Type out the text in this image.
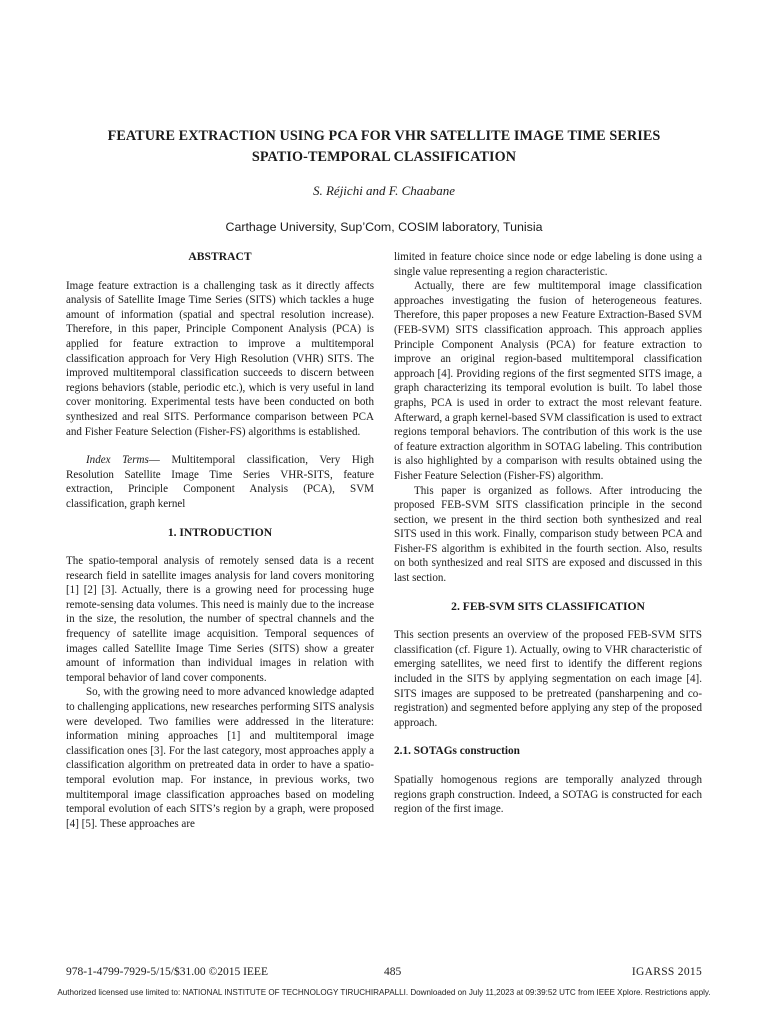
FEATURE EXTRACTION USING PCA FOR VHR SATELLITE IMAGE TIME SERIES
SPATIO-TEMPORAL CLASSIFICATION
S. Réjichi and F. Chaabane
Carthage University, Sup’Com, COSIM laboratory, Tunisia
ABSTRACT

Image feature extraction is a challenging task as it directly affects analysis of Satellite Image Time Series (SITS) which tackles a huge amount of information (spatial and spectral resolution increase). Therefore, in this paper, Principle Component Analysis (PCA) is applied for feature extraction to improve a multitemporal classification approach for Very High Resolution (VHR) SITS. The improved multitemporal classification succeeds to discern between regions behaviors (stable, periodic etc.), which is very useful in land cover monitoring. Experimental tests have been conducted on both synthesized and real SITS. Performance comparison between PCA and Fisher Feature Selection (Fisher-FS) algorithms is established.

Index Terms— Multitemporal classification, Very High Resolution Satellite Image Time Series VHR-SITS, feature extraction, Principle Component Analysis (PCA), SVM classification, graph kernel

1. INTRODUCTION

The spatio-temporal analysis of remotely sensed data is a recent research field in satellite images analysis for land covers monitoring [1] [2] [3]. Actually, there is a growing need for processing huge remote-sensing data volumes. This need is mainly due to the increase in the size, the resolution, the number of spectral channels and the frequency of satellite image acquisition. Temporal sequences of images called Satellite Image Time Series (SITS) show a greater amount of information than individual images in relation with temporal behavior of land cover components.

So, with the growing need to more advanced knowledge adapted to challenging applications, new researches performing SITS analysis were developed. Two families were addressed in the literature: information mining approaches [1] and multitemporal image classification ones [3]. For the last category, most approaches apply a classification algorithm on pretreated data in order to have a spatio-temporal evolution map. For instance, in previous works, two multitemporal image classification approaches based on modeling temporal evolution of each SITS’s region by a graph, were proposed [4] [5]. These approaches are

limited in feature choice since node or edge labeling is done using a single value representing a region characteristic.

Actually, there are few multitemporal image classification approaches investigating the fusion of heterogeneous features. Therefore, this paper proposes a new Feature Extraction-Based SVM (FEB-SVM) SITS classification approach. This approach applies Principle Component Analysis (PCA) for feature extraction to improve an original region-based multitemporal classification approach [4]. Providing regions of the first segmented SITS image, a graph characterizing its temporal evolution is built. To label those graphs, PCA is used in order to extract the most relevant feature. Afterward, a graph kernel-based SVM classification is used to extract regions temporal behaviors. The contribution of this work is the use of feature extraction algorithm in SOTAG labeling. This contribution is also highlighted by a comparison with results obtained using the Fisher Feature Selection (Fisher-FS) algorithm.

This paper is organized as follows. After introducing the proposed FEB-SVM SITS classification principle in the second section, we present in the third section both synthesized and real SITS used in this work. Finally, comparison study between PCA and Fisher-FS algorithm is exhibited in the fourth section. Also, results on both synthesized and real SITS are exposed and discussed in this last section.

2. FEB-SVM SITS CLASSIFICATION

This section presents an overview of the proposed FEB-SVM SITS classification (cf. Figure 1). Actually, owing to VHR characteristic of emerging satellites, we need first to identify the different regions included in the SITS by applying segmentation on each image [4]. SITS images are supposed to be pretreated (pansharpening and co-registration) and segmented before applying any step of the proposed approach.

2.1. SOTAGs construction

Spatially homogenous regions are temporally analyzed through regions graph construction. Indeed, a SOTAG is constructed for each region of the first image.

978-1-4799-7929-5/15/$31.00 ©2015 IEEE	485	IGARSS 2015
Authorized licensed use limited to: NATIONAL INSTITUTE OF TECHNOLOGY TIRUCHIRAPALLI. Downloaded on July 11,2023 at 09:39:52 UTC from IEEE Xplore. Restrictions apply.
